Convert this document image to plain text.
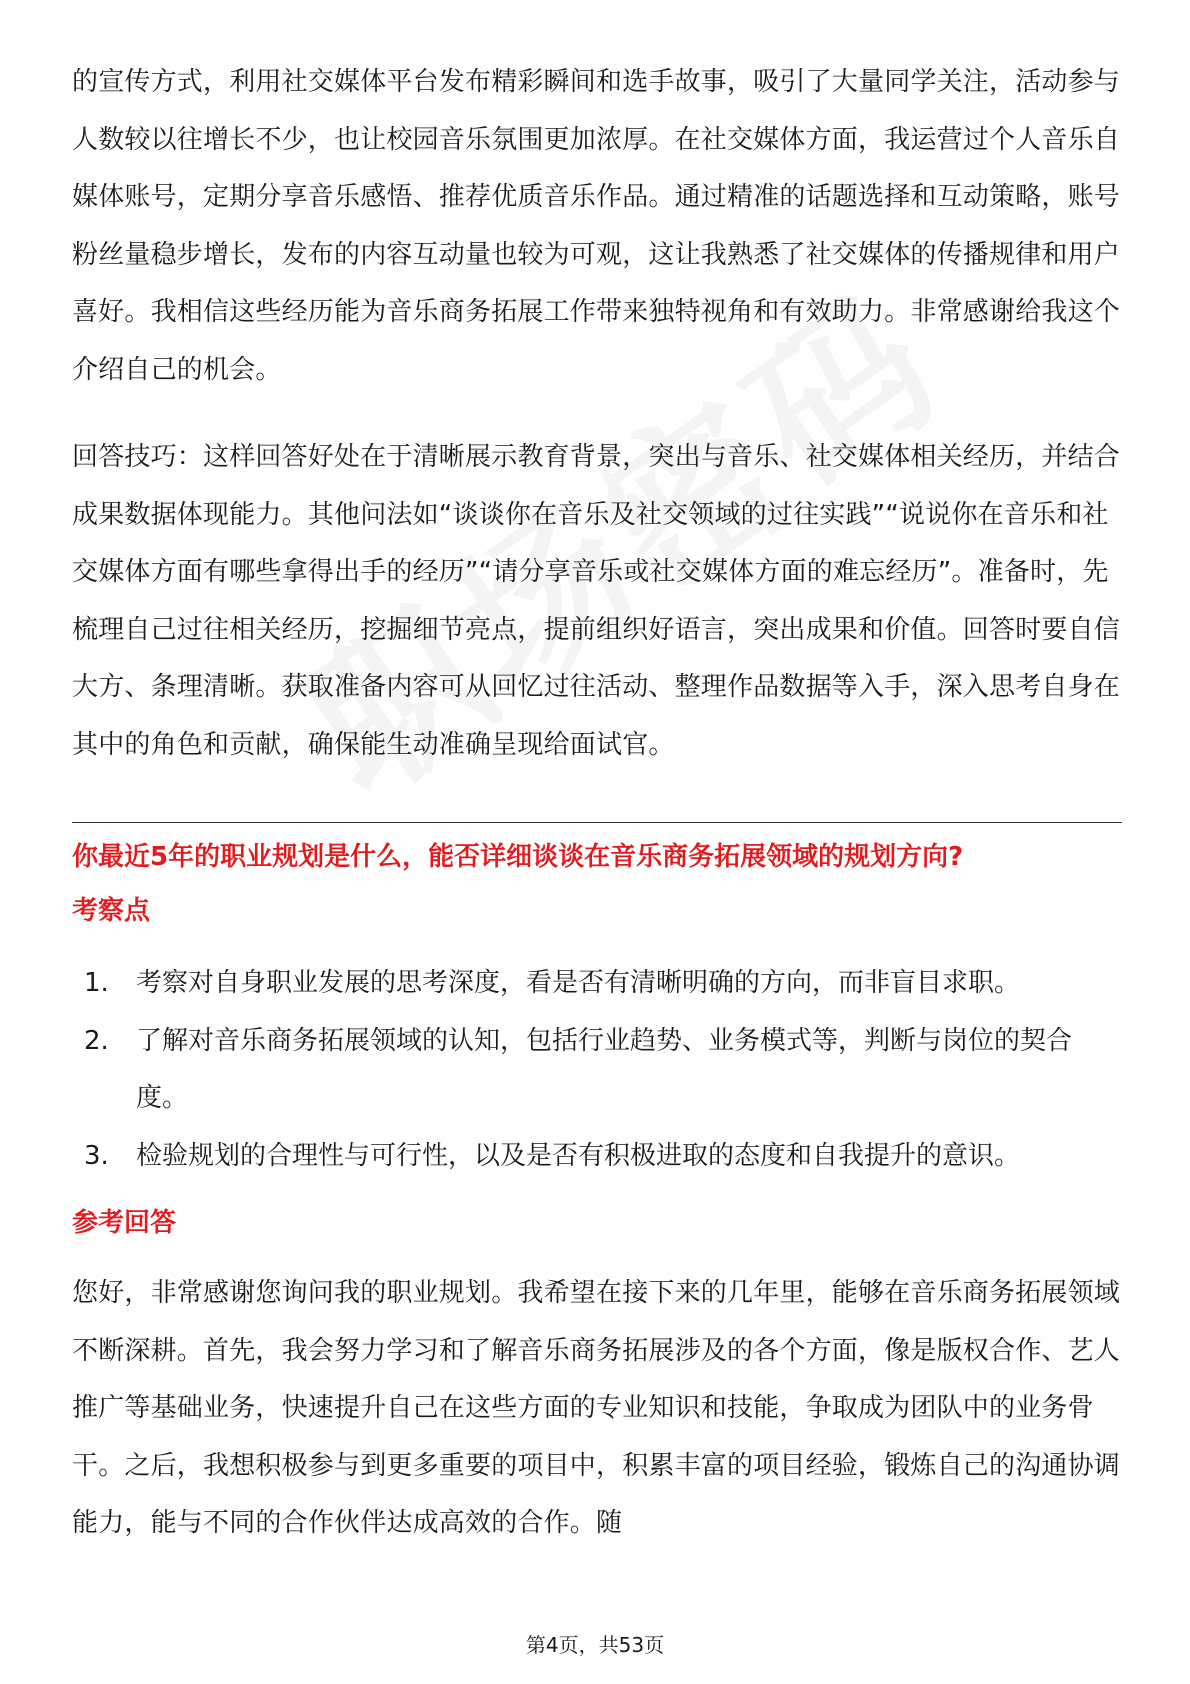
的宣传方式，利用社交媒体平台发布精彩瞬间和选手故事，吸引了大量同学关注，活动参与人数较以往增长不少，也让校园音乐氛围更加浓厚。在社交媒体方面，我运营过个人音乐自媒体账号，定期分享音乐感悟、推荐优质音乐作品。通过精准的话题选择和互动策略，账号粉丝量稳步增长，发布的内容互动量也较为可观，这让我熟悉了社交媒体的传播规律和用户喜好。我相信这些经历能为音乐商务拓展工作带来独特视角和有效助力。非常感谢给我这个介绍自己的机会。

回答技巧：这样回答好处在于清晰展示教育背景，突出与音乐、社交媒体相关经历，并结合成果数据体现能力。其他问法如“谈谈你在音乐及社交领域的过往实践”“说说你在音乐和社交媒体方面有哪些拿得出手的经历”“请分享音乐或社交媒体方面的难忘经历”。准备时，先梳理自己过往相关经历，挖掘细节亮点，提前组织好语言，突出成果和价值。回答时要自信大方、条理清晰。获取准备内容可从回忆过往活动、整理作品数据等入手，深入思考自身在其中的角色和贡献，确保能生动准确呈现给面试官。

你最近5年的职业规划是什么，能否详细谈谈在音乐商务拓展领域的规划方向?

考察点

1.	考察对自身职业发展的思考深度，看是否有清晰明确的方向，而非盲目求职。
2.	了解对音乐商务拓展领域的认知，包括行业趋势、业务模式等，判断与岗位的契合度。
3.	检验规划的合理性与可行性，以及是否有积极进取的态度和自我提升的意识。

参考回答

您好，非常感谢您询问我的职业规划。我希望在接下来的几年里，能够在音乐商务拓展领域不断深耕。首先，我会努力学习和了解音乐商务拓展涉及的各个方面，像是版权合作、艺人推广等基础业务，快速提升自己在这些方面的专业知识和技能，争取成为团队中的业务骨干。之后，我想积极参与到更多重要的项目中，积累丰富的项目经验，锻炼自己的沟通协调能力，能与不同的合作伙伴达成高效的合作。随

第4页，共53页
